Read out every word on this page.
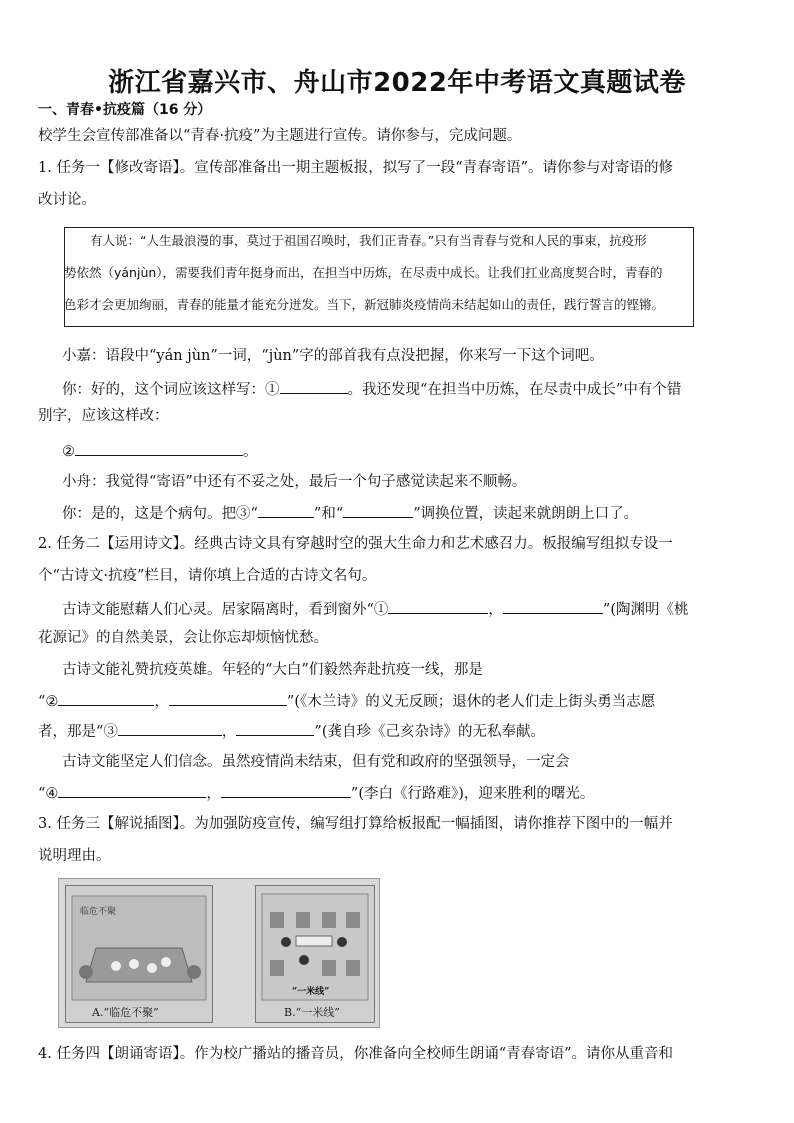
浙江省嘉兴市、舟山市2022年中考语文真题试卷
一、青春•抗疫篇（16 分）
校学生会宣传部准备以“青春·抗疫”为主题进行宣传。请你参与，完成问题。
1. 任务一【修改寄语】。宣传部准备出一期主题板报，拟写了一段“青春寄语”。请你参与对寄语的修
改讨论。
有人说：“人生最浪漫的事，莫过于祖国召唤时，我们正青春。”只有当青春与党和人民的事束，抗疫形
势依然（yánjùn），需要我们青年挺身而出，在担当中历炼，在尽责中成长。让我们扛业高度契合时，青春的
色彩才会更加绚丽，青春的能量才能充分迸发。当下，新冠肺炎疫情尚未结起如山的责任，践行誓言的铿锵。
小嘉：语段中“yán jùn”一词，“jùn”字的部首我有点没把握，你来写一下这个词吧。
你：好的，这个词应该这样写：①	。我还发现“在担当中历炼，在尽责中成长”中有个错
别字，应该这样改：
②	。
小舟：我觉得“寄语”中还有不妥之处，最后一个句子感觉读起来不顺畅。
你：是的，这是个病句。把③“	”和“	”调换位置，读起来就朗朗上口了。
2. 任务二【运用诗文】。经典古诗文具有穿越时空的强大生命力和艺术感召力。板报编写组拟专设一
个“古诗文·抗疫”栏目，请你填上合适的古诗文名句。
古诗文能慰藉人们心灵。居家隔离时，看到窗外“①	，	”(陶渊明《桃
花源记》的自然美景，会让你忘却烦恼忧愁。
古诗文能礼赞抗疫英雄。年轻的“大白”们毅然奔赴抗疫一线，那是
“②	，	”(《木兰诗》的义无反顾；退休的老人们走上街头勇当志愿
者，那是“③	，	”(龚自珍《己亥杂诗》的无私奉献。
古诗文能坚定人们信念。虽然疫情尚未结束，但有党和政府的坚强领导，一定会
“④	，	”(李白《行路难》)，迎来胜利的曙光。
3. 任务三【解说插图】。为加强防疫宣传，编写组打算给板报配一幅插图，请你推荐下图中的一幅并
说明理由。
临危不聚
A.“临危不聚”
“一米线”
B.“一米线”
4. 任务四【朗诵寄语】。作为校广播站的播音员，你准备向全校师生朗诵“青春寄语”。请你从重音和
